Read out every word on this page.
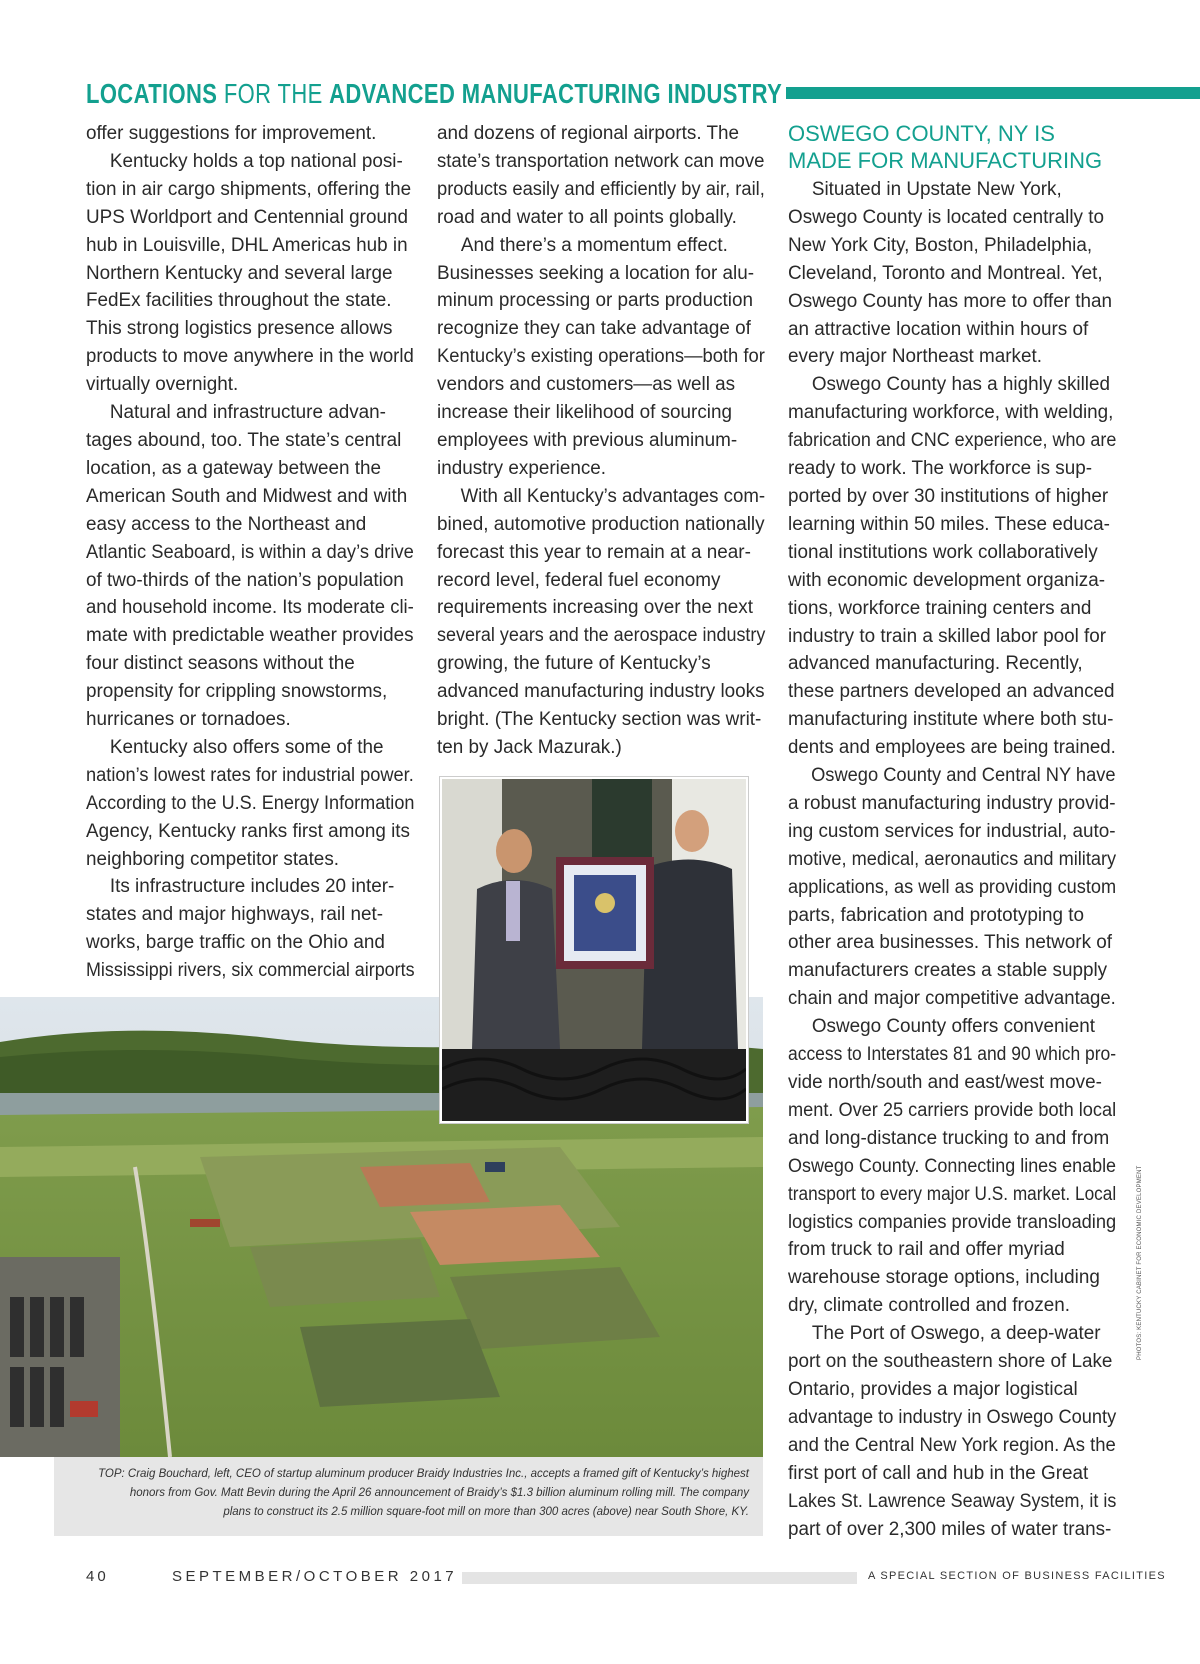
LOCATIONS FOR THE ADVANCED MANUFACTURING INDUSTRY

offer suggestions for improvement.

Kentucky holds a top national posi-

tion in air cargo shipments, offering the

UPS Worldport and Centennial ground

hub in Louisville, DHL Americas hub in

Northern Kentucky and several large

FedEx facilities throughout the state.

This strong logistics presence allows

products to move anywhere in the world

virtually overnight.

Natural and infrastructure advan-

tages abound, too. The state’s central

location, as a gateway between the

American South and Midwest and with

easy access to the Northeast and

Atlantic Seaboard, is within a day’s drive

of two-thirds of the nation’s population

and household income. Its moderate cli-

mate with predictable weather provides

four distinct seasons without the

propensity for crippling snowstorms,

hurricanes or tornadoes.

Kentucky also offers some of the

nation’s lowest rates for industrial power.

According to the U.S. Energy Information

Agency, Kentucky ranks first among its

neighboring competitor states.

Its infrastructure includes 20 inter-

states and major highways, rail net-

works, barge traffic on the Ohio and

Mississippi rivers, six commercial airports

and dozens of regional airports. The

state’s transportation network can move

products easily and efficiently by air, rail,

road and water to all points globally.

And there’s a momentum effect.

Businesses seeking a location for alu-

minum processing or parts production

recognize they can take advantage of

Kentucky’s existing operations—both for

vendors and customers—as well as

increase their likelihood of sourcing

employees with previous aluminum-

industry experience.

With all Kentucky’s advantages com-

bined, automotive production nationally

forecast this year to remain at a near-

record level, federal fuel economy

requirements increasing over the next

several years and the aerospace industry

growing, the future of Kentucky’s

advanced manufacturing industry looks

bright. (The Kentucky section was writ-

ten by Jack Mazurak.)

OSWEGO COUNTY, NY IS
MADE FOR MANUFACTURING

Situated in Upstate New York,

Oswego County is located centrally to

New York City, Boston, Philadelphia,

Cleveland, Toronto and Montreal. Yet,

Oswego County has more to offer than

an attractive location within hours of

every major Northeast market.

Oswego County has a highly skilled

manufacturing workforce, with welding,

fabrication and CNC experience, who are

ready to work. The workforce is sup-

ported by over 30 institutions of higher

learning within 50 miles. These educa-

tional institutions work collaboratively

with economic development organiza-

tions, workforce training centers and

industry to train a skilled labor pool for

advanced manufacturing. Recently,

these partners developed an advanced

manufacturing institute where both stu-

dents and employees are being trained.

Oswego County and Central NY have

a robust manufacturing industry provid-

ing custom services for industrial, auto-

motive, medical, aeronautics and military

applications, as well as providing custom

parts, fabrication and prototyping to

other area businesses. This network of

manufacturers creates a stable supply

chain and major competitive advantage.

Oswego County offers convenient

access to Interstates 81 and 90 which pro-

vide north/south and east/west move-

ment. Over 25 carriers provide both local

and long-distance trucking to and from

Oswego County. Connecting lines enable

transport to every major U.S. market. Local

logistics companies provide transloading

from truck to rail and offer myriad

warehouse storage options, including

dry, climate controlled and frozen.

The Port of Oswego, a deep-water

port on the southeastern shore of Lake

Ontario, provides a major logistical

advantage to industry in Oswego County

and the Central New York region. As the

first port of call and hub in the Great

Lakes St. Lawrence Seaway System, it is

part of over 2,300 miles of water trans-

TOP: Craig Bouchard, left, CEO of startup aluminum producer Braidy Industries Inc., accepts a framed gift of Kentucky’s highest
honors from Gov. Matt Bevin during the April 26 announcement of Braidy’s $1.3 billion aluminum rolling mill. The company
plans to construct its 2.5 million square-foot mill on more than 300 acres (above) near South Shore, KY.
PHOTOS: KENTUCKY CABINET FOR ECONOMIC DEVELOPMENT
40	SEPTEMBER/OCTOBER 2017	A SPECIAL SECTION OF BUSINESS FACILITIES
